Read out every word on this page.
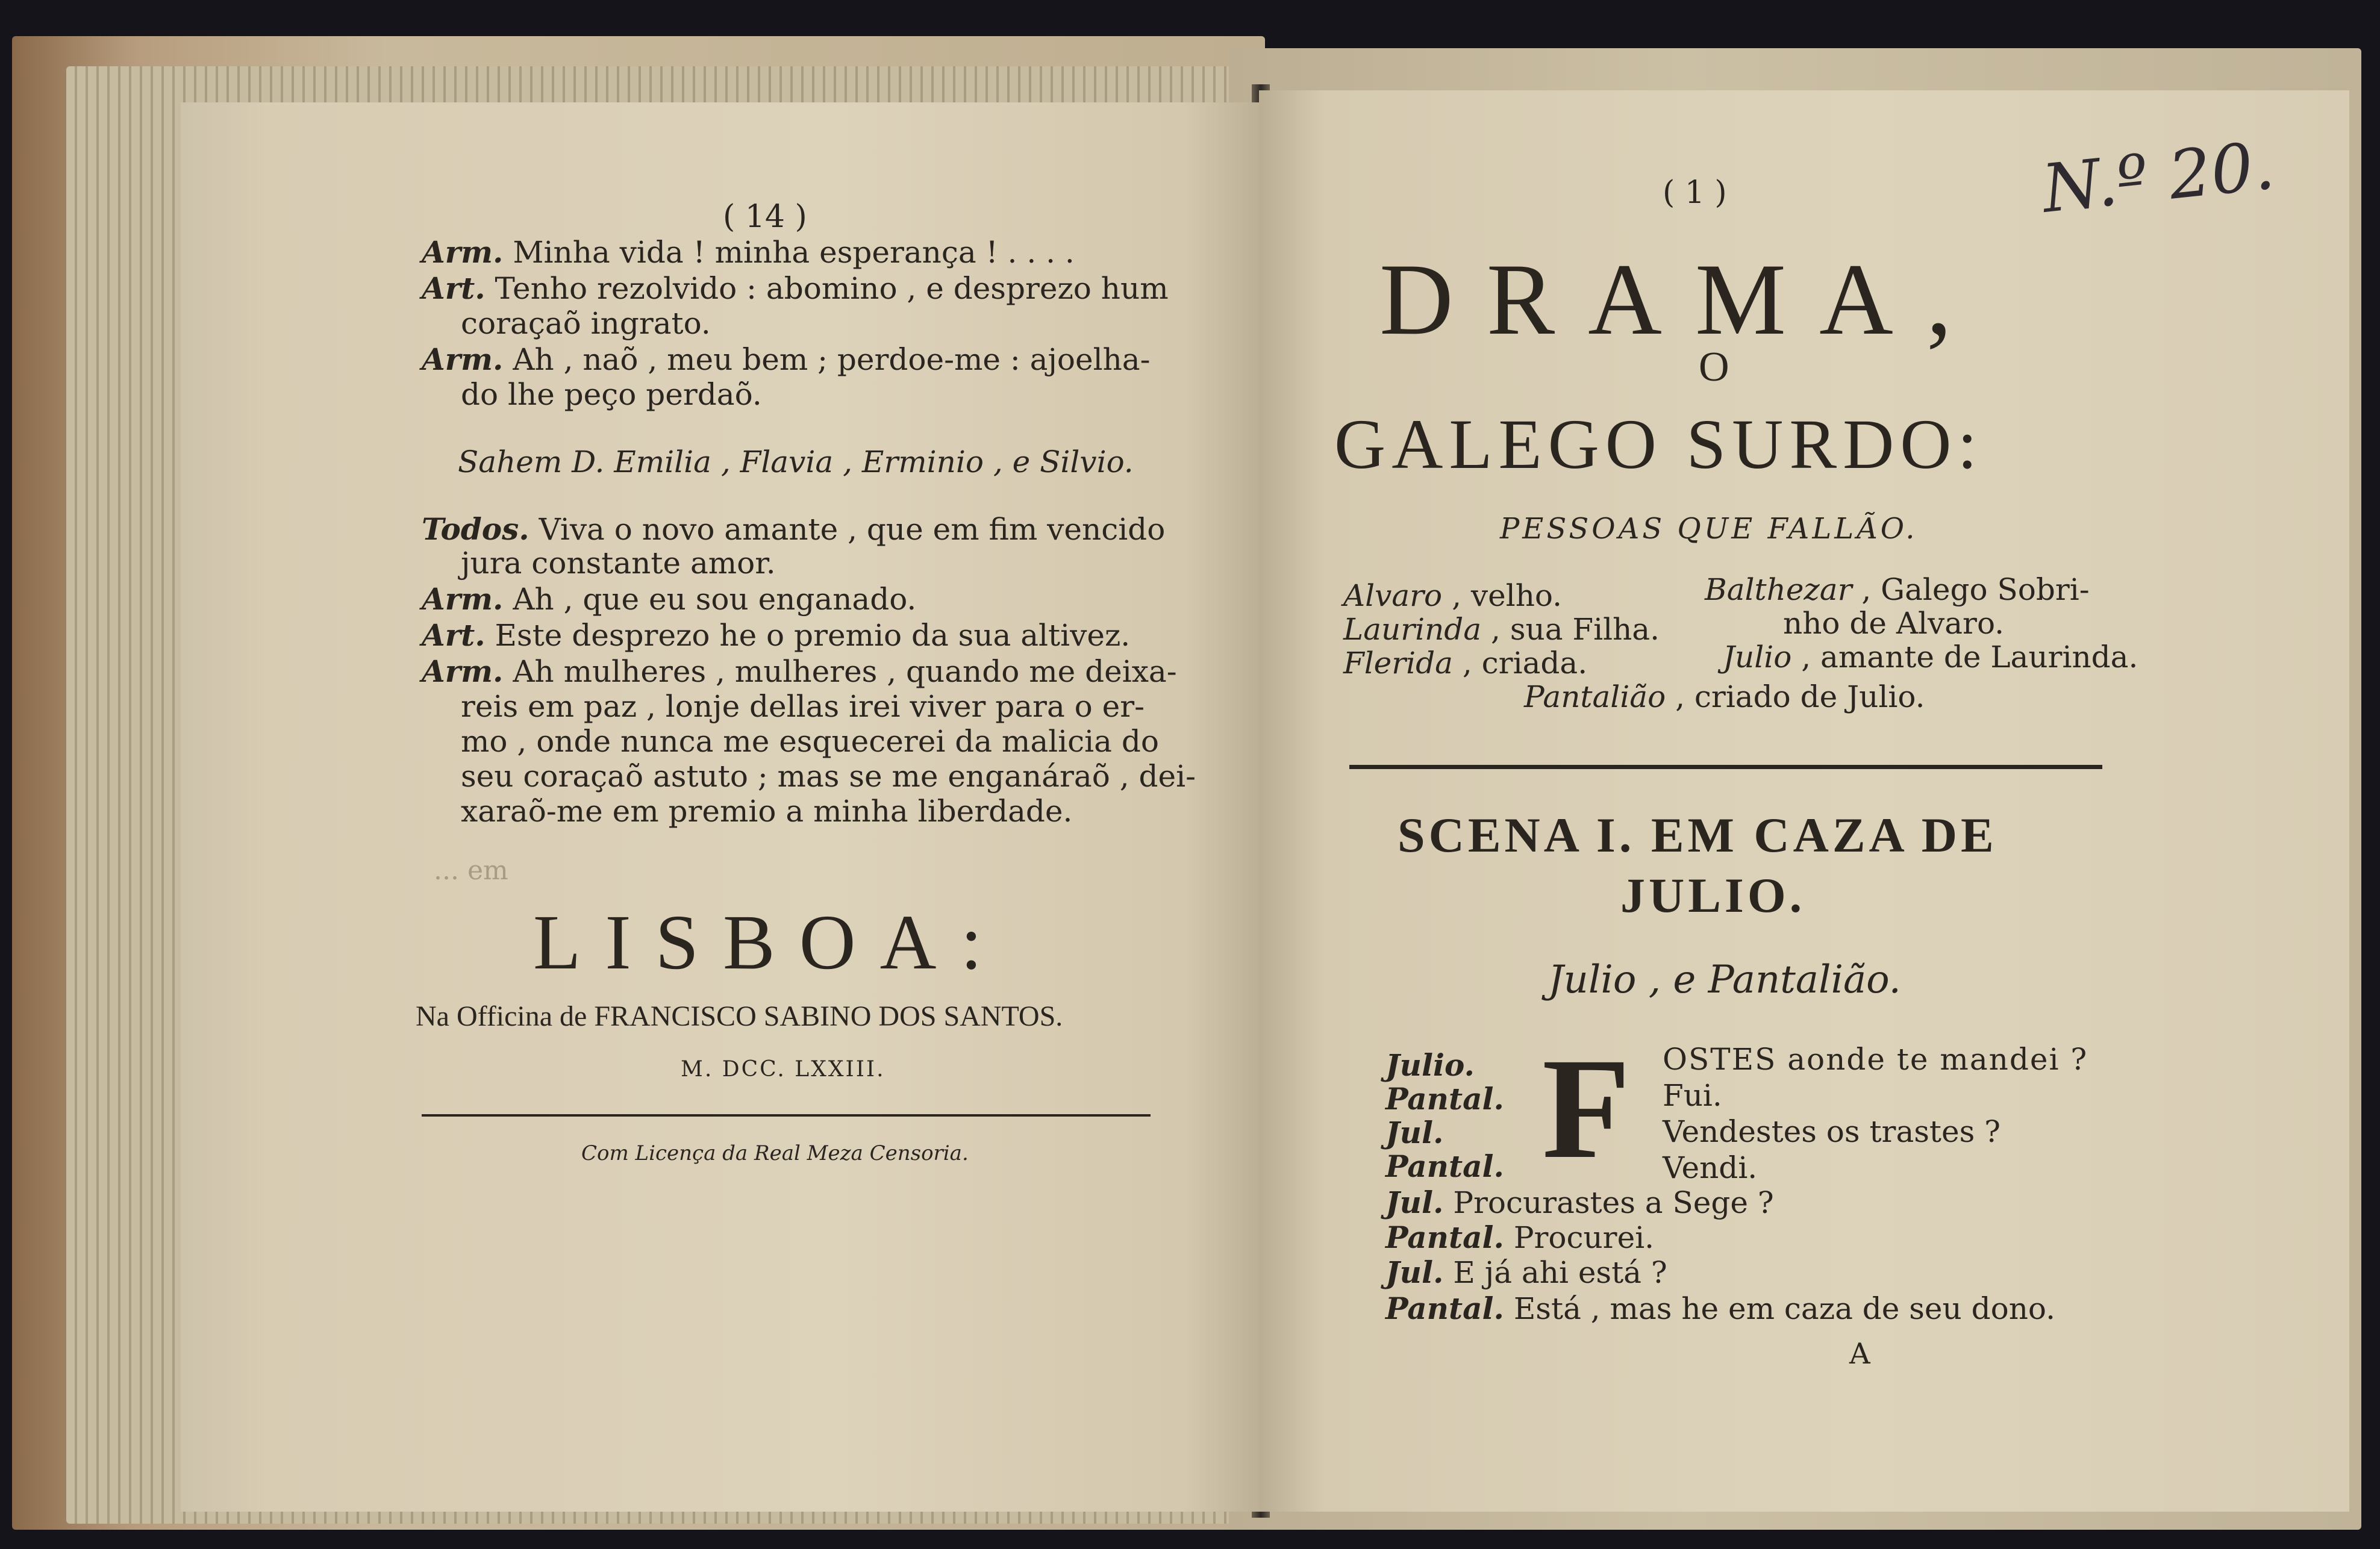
( 14 )
Arm. Minha vida ! minha esperança ! . . . .
Art. Tenho rezolvido : abomino , e desprezo hum
coraçaõ ingrato.
Arm. Ah , naõ , meu bem ; perdoe-me : ajoelha-
do lhe peço perdaõ.
Sahem D. Emilia , Flavia , Erminio , e Silvio.
Todos. Viva o novo amante , que em fim vencido
jura constante amor.
Arm. Ah , que eu sou enganado.
Art. Este desprezo he o premio da sua altivez.
Arm. Ah mulheres , mulheres , quando me deixa-
reis em paz , lonje dellas irei viver para o er-
mo , onde nunca me esquecerei da malicia do
seu coraçaõ astuto ; mas se me enganáraõ , dei-
xaraõ-me em premio a minha liberdade.
... em
LISBOA:
Na Officina de FRANCISCO SABINO DOS SANTOS.
M. DCC. LXXIII.
Com Licença da Real Meza Censoria.
( 1 )	N.º 20.
DRAMA,
O
GALEGO SURDO:
PESSOAS QUE FALLÃO.
Alvaro , velho.
Laurinda , sua Filha.
Flerida , criada.
Balthezar , Galego Sobri-
nho de Alvaro.
Julio , amante de Laurinda.
Pantalião , criado de Julio.
SCENA I. EM CAZA DE
JULIO.
Julio , e Pantalião.
F
Julio.	OSTES aonde te mandei ?
Pantal.	Fui.
Jul.	Vendestes os trastes ?
Pantal.	Vendi.
Jul. Procurastes a Sege ?
Pantal. Procurei.
Jul. E já ahi está ?
Pantal. Está , mas he em caza de seu dono.
A
